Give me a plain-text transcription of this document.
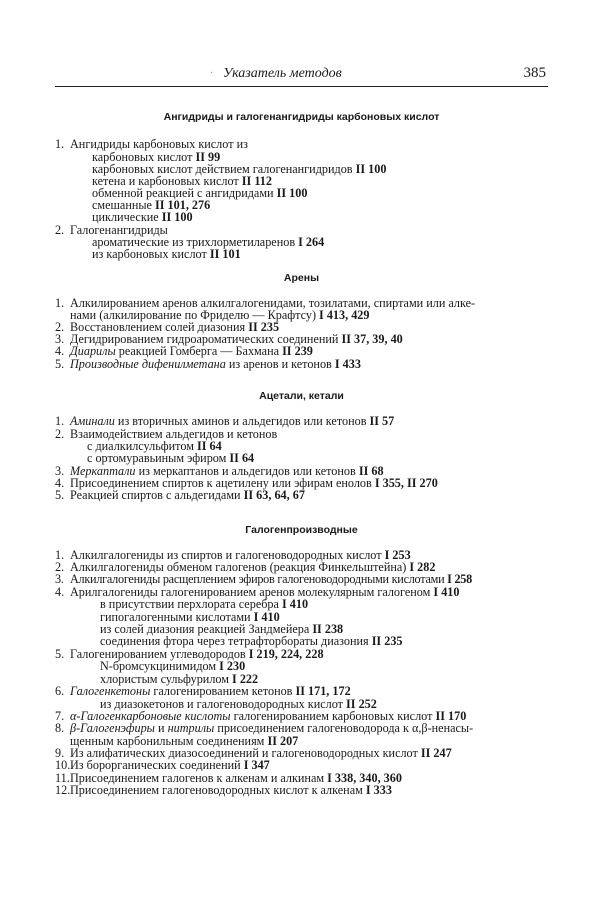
· Указатель методов	385
Ангидриды и галогенангидриды карбоновых кислот
1. Ангидриды карбоновых кислот из
карбоновых кислот II 99
карбоновых кислот действием галогенангидридов II 100
кетена и карбоновых кислот II 112
обменной реакцией с ангидридами II 100
смешанные II 101, 276
циклические II 100
2. Галогенангидриды
ароматические из трихлорметиларенов I 264
из карбоновых кислот II 101
Арены
1. Алкилированием аренов алкилгалогенидами, тозилатами, спиртами или алке-
нами (алкилирование по Фриделю — Крафтсу) I 413, 429
2. Восстановлением солей диазония II 235
3. Дегидрированием гидроароматических соединений II 37, 39, 40
4. Диарилы реакцией Гомберга — Бахмана II 239
5. Производные дифенилметана из аренов и кетонов I 433
Ацетали, кетали
1. Аминали из вторичных аминов и альдегидов или кетонов II 57
2. Взаимодействием альдегидов и кетонов
с диалкилсульфитом II 64
с ортомуравьиным эфиром II 64
3. Меркаптали из меркаптанов и альдегидов или кетонов II 68
4. Присоединением спиртов к ацетилену или эфирам енолов I 355, II 270
5. Реакцией спиртов с альдегидами II 63, 64, 67
Галогенпроизводные
1. Алкилгалогениды из спиртов и галогеноводородных кислот I 253
2. Алкилгалогениды обменом галогенов (реакция Финкельштейна) I 282
3. Алкилгалогениды расщеплением эфиров галогеноводородными кислотами I 258
4. Арилгалогениды галогенированием аренов молекулярным галогеном I 410
в присутствии перхлората серебра I 410
гипогалогенными кислотами I 410
из солей диазония реакцией Зандмейера II 238
соединения фтора через тетрафторбораты диазония II 235
5. Галогенированием углеводородов I 219, 224, 228
N-бромсукцинимидом I 230
хлористым сульфурилом I 222
6. Галогенкетоны галогенированием кетонов II 171, 172
из диазокетонов и галогеноводородных кислот II 252
7. α-Галогенкарбоновые кислоты галогенированием карбоновых кислот II 170
8. β-Галогенэфиры и нитрилы присоединением галогеноводорода к α,β-ненасы-
щенным карбонильным соединениям II 207
9. Из алифатических диазосоединений и галогеноводородных кислот II 247
10.Из борорганических соединений I 347
11.Присоединением галогенов к алкенам и алкинам I 338, 340, 360
12.Присоединением галогеноводородных кислот к алкенам I 333
